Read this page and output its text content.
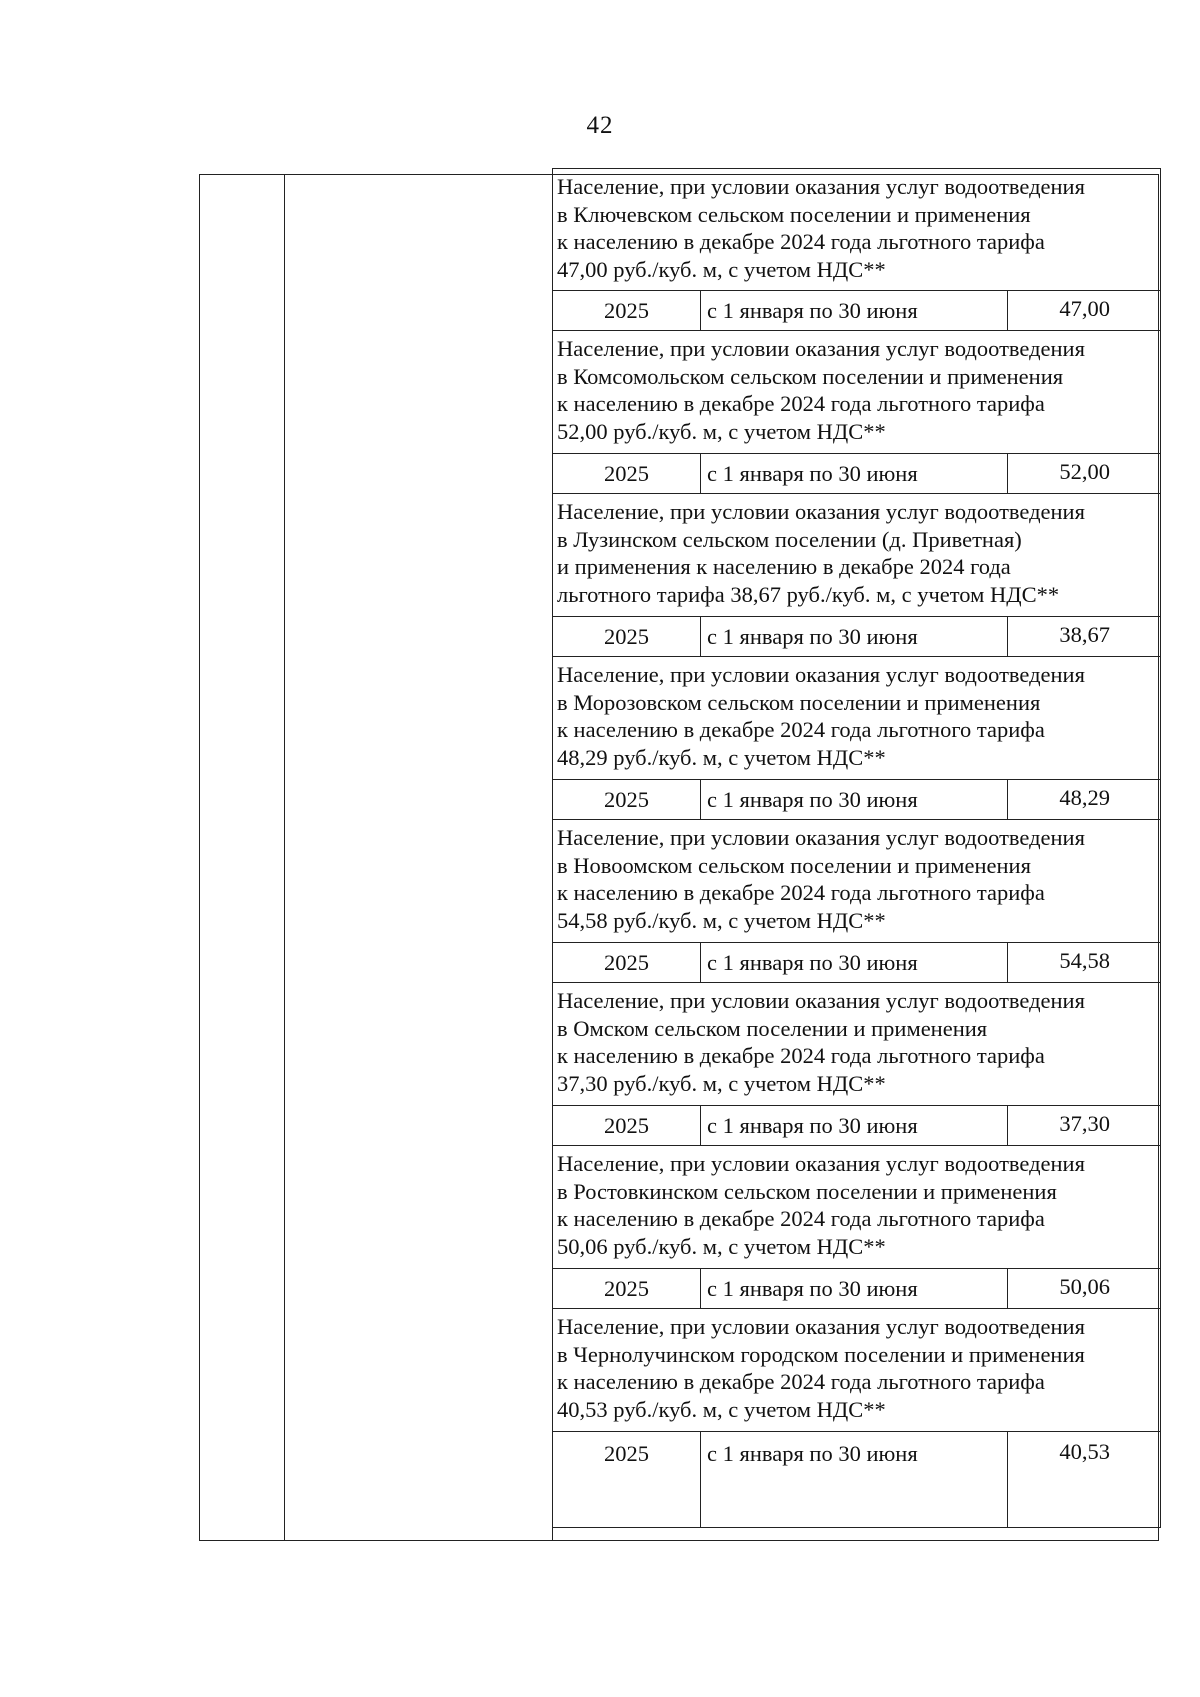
42
Население, при условии оказания услуг водоотведения
в Ключевском сельском поселении и применения
к населению в декабре 2024 года льготного тарифа
47,00 руб./куб. м, с учетом НДС**
2025	с 1 января по 30 июня	47,00
Население, при условии оказания услуг водоотведения
в Комсомольском сельском поселении и применения
к населению в декабре 2024 года льготного тарифа
52,00 руб./куб. м, с учетом НДС**
2025	с 1 января по 30 июня	52,00
Население, при условии оказания услуг водоотведения
в Лузинском сельском поселении (д. Приветная)
и применения к населению в декабре 2024 года
льготного тарифа 38,67 руб./куб. м, с учетом НДС**
2025	с 1 января по 30 июня	38,67
Население, при условии оказания услуг водоотведения
в Морозовском сельском поселении и применения
к населению в декабре 2024 года льготного тарифа
48,29 руб./куб. м, с учетом НДС**
2025	с 1 января по 30 июня	48,29
Население, при условии оказания услуг водоотведения
в Новоомском сельском поселении и применения
к населению в декабре 2024 года льготного тарифа
54,58 руб./куб. м, с учетом НДС**
2025	с 1 января по 30 июня	54,58
Население, при условии оказания услуг водоотведения
в Омском сельском поселении и применения
к населению в декабре 2024 года льготного тарифа
37,30 руб./куб. м, с учетом НДС**
2025	с 1 января по 30 июня	37,30
Население, при условии оказания услуг водоотведения
в Ростовкинском сельском поселении и применения
к населению в декабре 2024 года льготного тарифа
50,06 руб./куб. м, с учетом НДС**
2025	с 1 января по 30 июня	50,06
Население, при условии оказания услуг водоотведения
в Чернолучинском городском поселении и применения
к населению в декабре 2024 года льготного тарифа
40,53 руб./куб. м, с учетом НДС**
2025	с 1 января по 30 июня	40,53
